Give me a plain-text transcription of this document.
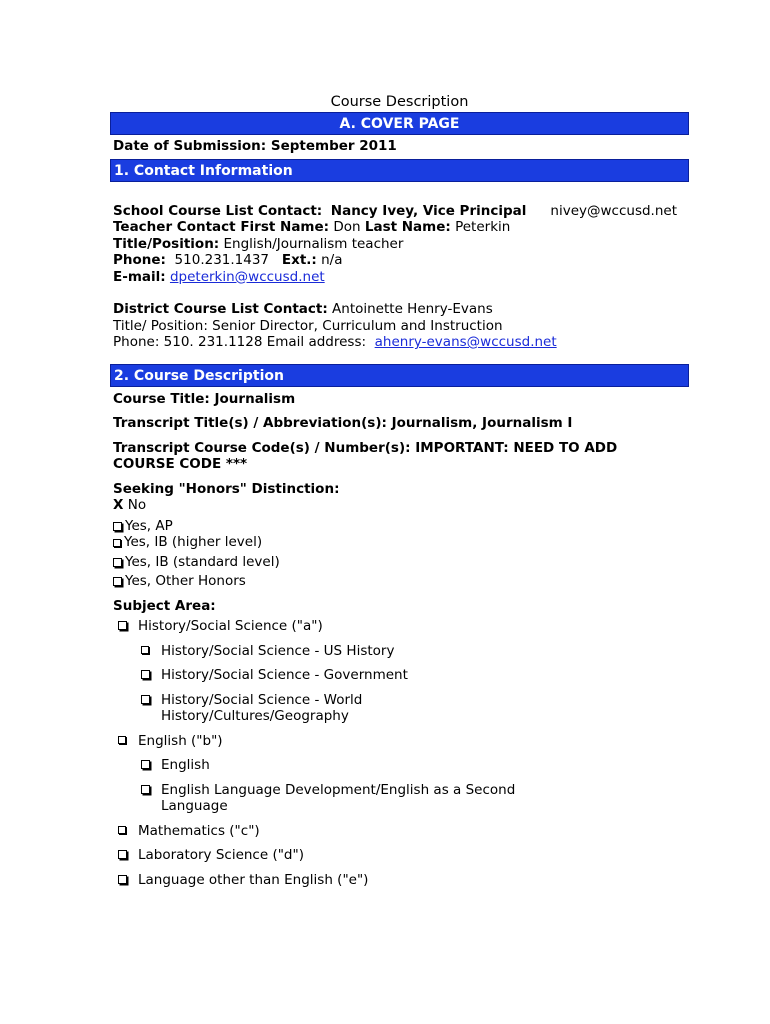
Course Description
A. COVER PAGE
Date of Submission: September 2011
1. Contact Information
School Course List Contact: Nancy Ivey, Vice Principal nivey@wccusd.net
Teacher Contact First Name: Don Last Name: Peterkin
Title/Position: English/Journalism teacher
Phone: 510.231.1437 Ext.: n/a
E-mail: dpeterkin@wccusd.net
District Course List Contact: Antoinette Henry-Evans
Title/ Position: Senior Director, Curriculum and Instruction
Phone: 510. 231.1128 Email address: ahenry-evans@wccusd.net
2. Course Description
Course Title: Journalism
Transcript Title(s) / Abbreviation(s): Journalism, Journalism I
Transcript Course Code(s) / Number(s): IMPORTANT: NEED TO ADD COURSE CODE ***
Seeking "Honors" Distinction:
X No
Yes, AP
Yes, IB (higher level)
Yes, IB (standard level)
Yes, Other Honors
Subject Area:
History/Social Science ("a")
History/Social Science - US History
History/Social Science - Government
History/Social Science - World History/Cultures/Geography
English ("b")
English
English Language Development/English as a Second Language
Mathematics ("c")
Laboratory Science ("d")
Language other than English ("e")
